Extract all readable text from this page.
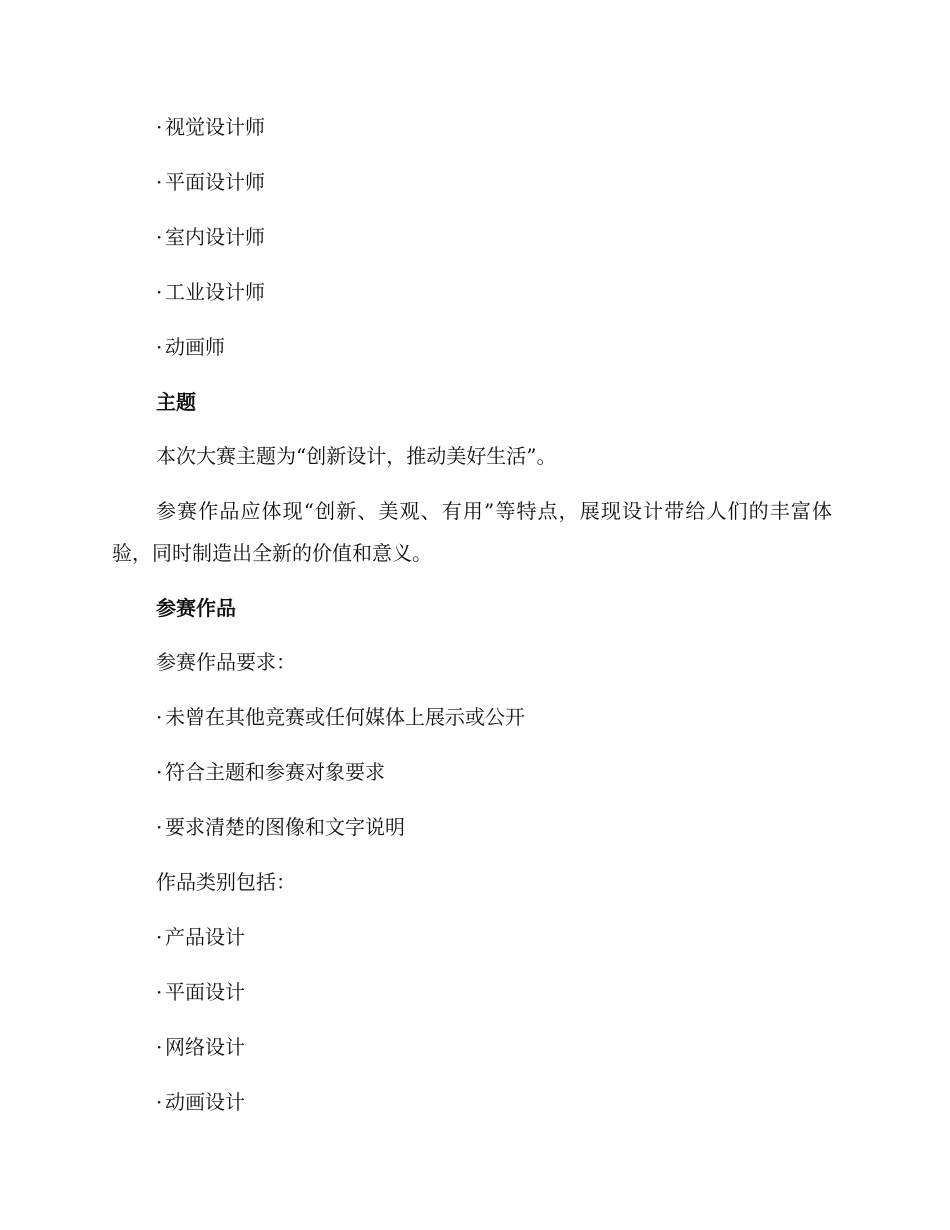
· 视觉设计师
· 平面设计师
· 室内设计师
· 工业设计师
· 动画师
主题
本次大赛主题为“创新设计，推动美好生活”。
参赛作品应体现“创新、美观、有用”等特点，展现设计带给人们的丰富体验，同时制造出全新的价值和意义。
参赛作品
参赛作品要求：
· 未曾在其他竞赛或任何媒体上展示或公开
· 符合主题和参赛对象要求
· 要求清楚的图像和文字说明
作品类别包括：
· 产品设计
· 平面设计
· 网络设计
· 动画设计
